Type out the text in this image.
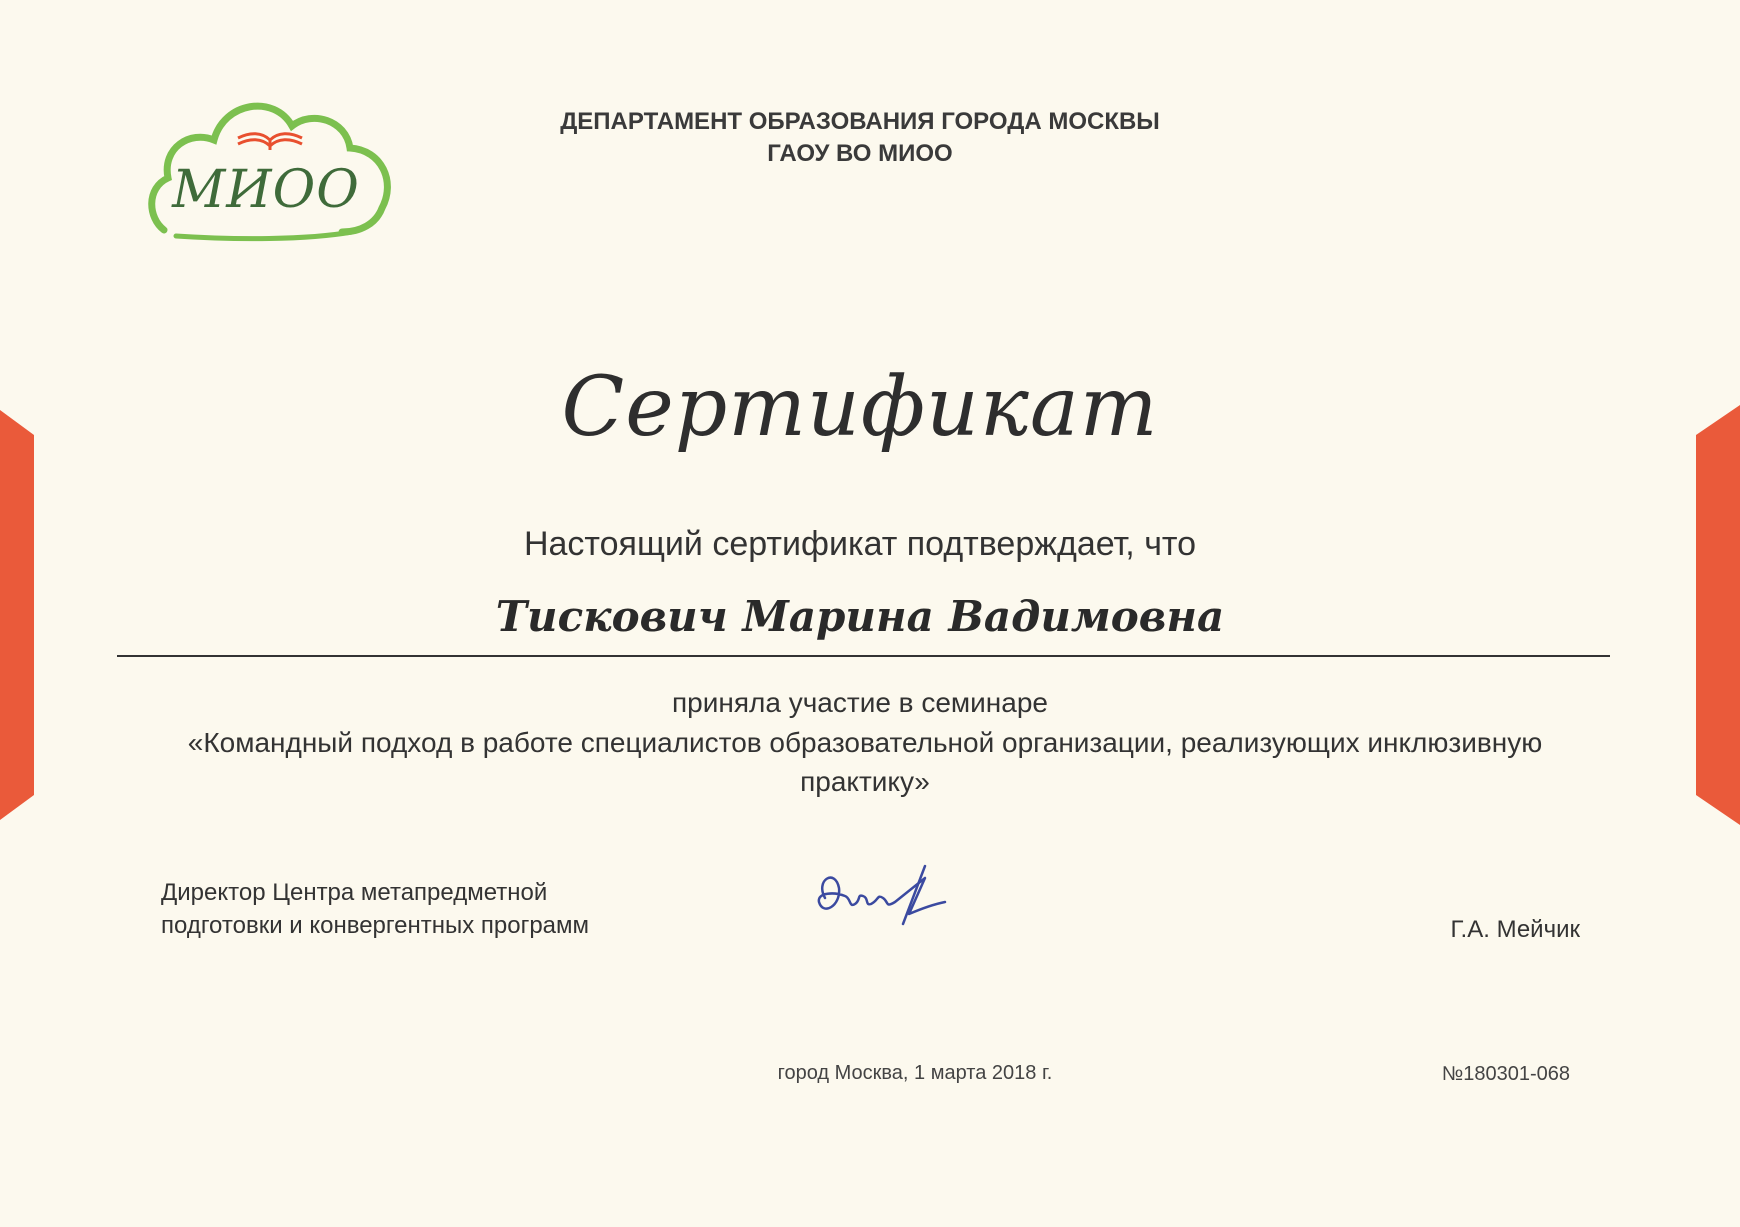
МИОО
ДЕПАРТАМЕНТ ОБРАЗОВАНИЯ ГОРОДА МОСКВЫ
ГАОУ ВО МИОО
Сертификат
Настоящий сертификат подтверждает, что
Тискович Марина Вадимовна
приняла участие в семинаре
«Командный подход в работе специалистов образовательной организации, реализующих инклюзивную
практику»
Директор Центра метапредметной
подготовки и конвергентных программ	Г.А. Мейчик
город Москва, 1 марта 2018 г.	№180301-068
